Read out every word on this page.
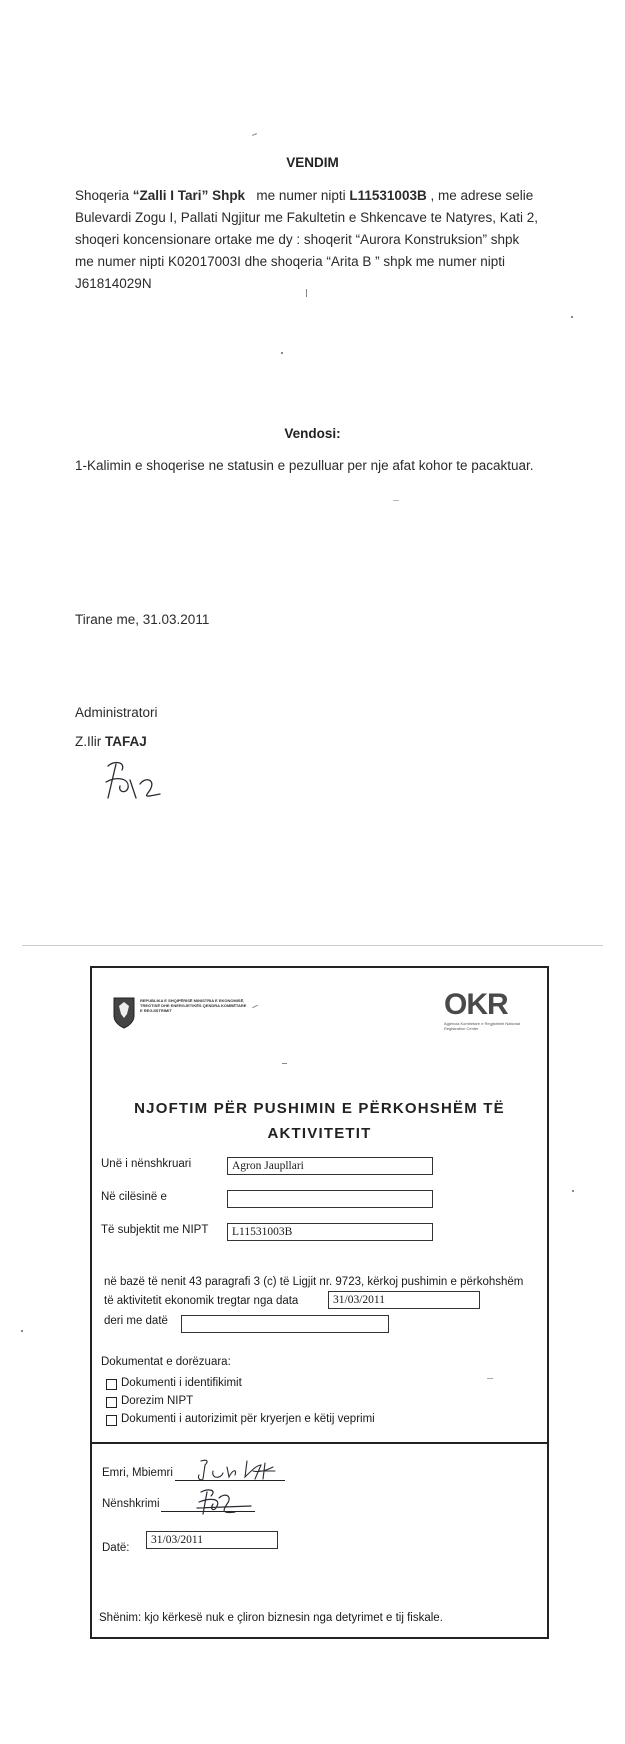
VENDIM
Shoqeria “Zalli I Tari” Shpk me numer nipti L11531003B , me adrese selie
Bulevardi Zogu I, Pallati Ngjitur me Fakultetin e Shkencave te Natyres, Kati 2,
shoqeri koncensionare ortake me dy : shoqerit “Aurora Konstruksion” shpk
me numer nipti K02017003I dhe shoqeria “Arita B ” shpk me numer nipti
J61814029N
Vendosi:
1-Kalimin e shoqerise ne statusin e pezulluar per nje afat kohor te pacaktuar.
Tirane me, 31.03.2011
Administratori
Z.Ilir TAFAJ
REPUBLIKA E SHQIPËRISË MINISTRIA E EKONOMISË, TREGTISË DHE ENERGJETIKËS QENDRA KOMBËTARE E REGJISTRIMIT	OKR
Agjencia Kombetare e Regjistrimit National Registration Center
NJOFTIM PËR PUSHIMIN E PËRKOHSHËM TË
AKTIVITETIT
Unë i nënshkruari	Agron Jaupllari
Në cilësinë e
Të subjektit me NIPT	L11531003B
në bazë të nenit 43 paragrafi 3 (c) të Ligjit nr. 9723, kërkoj pushimin e përkohshëm
të aktivitetit ekonomik tregtar nga data	31/03/2011
deri me datë
Dokumentat e dorëzuara:
Dokumenti i identifikimit
Dorezim NIPT
Dokumenti i autorizimit për kryerjen e këtij veprimi
Emri, Mbiemri
Nënshkrimi
Datë:
31/03/2011
Shënim: kjo kërkesë nuk e çliron biznesin nga detyrimet e tij fiskale.
